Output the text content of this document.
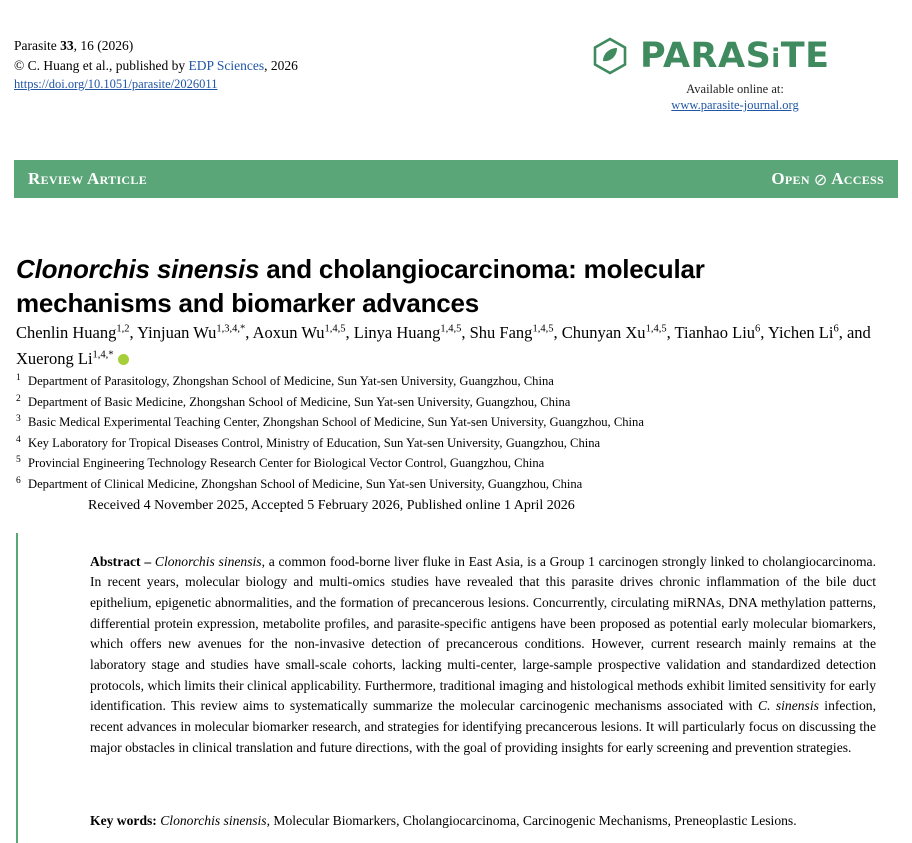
Parasite 33, 16 (2026)
© C. Huang et al., published by EDP Sciences, 2026
https://doi.org/10.1051/parasite/2026011
PARASiTE
Available online at:
www.parasite-journal.org
Review Article	Open ⊘ Access
Clonorchis sinensis and cholangiocarcinoma: molecular mechanisms and biomarker advances
Chenlin Huang$^{1,2}$, Yinjuan $Wu^{1,3,4,*}$, Aoxun Wu$^{1,4,5}$, Linya Huang$^{1,4,5}$, Shu Fang$^{1,4,5}$, Chunyan Xu$^{1,4,5}$, Tianhao Liu$^6$, Yichen Li$^6$, and Xuerong $Li^{1,4,*}$
1 Department of Parasitology, Zhongshan School of Medicine, Sun Yat-sen University, Guangzhou, China
2 Department of Basic Medicine, Zhongshan School of Medicine, Sun Yat-sen University, Guangzhou, China
3 Basic Medical Experimental Teaching Center, Zhongshan School of Medicine, Sun Yat-sen University, Guangzhou, China
4 Key Laboratory for Tropical Diseases Control, Ministry of Education, Sun Yat-sen University, Guangzhou, China
5 Provincial Engineering Technology Research Center for Biological Vector Control, Guangzhou, China
6 Department of Clinical Medicine, Zhongshan School of Medicine, Sun Yat-sen University, Guangzhou, China
Received 4 November 2025, Accepted 5 February 2026, Published online 1 April 2026

Abstract – Clonorchis sinensis, a common food-borne liver fluke in East Asia, is a Group 1 carcinogen strongly linked to cholangiocarcinoma. In recent years, molecular biology and multi-omics studies have revealed that this parasite drives chronic inflammation of the bile duct epithelium, epigenetic abnormalities, and the formation of precancerous lesions. Concurrently, circulating miRNAs, DNA methylation patterns, differential protein expression, metabolite profiles, and parasite-specific antigens have been proposed as potential early molecular biomarkers, which offers new avenues for the non-invasive detection of precancerous conditions. However, current research mainly remains at the laboratory stage and studies have small-scale cohorts, lacking multi-center, large-sample prospective validation and standardized detection protocols, which limits their clinical applicability. Furthermore, traditional imaging and histological methods exhibit limited sensitivity for early identification. This review aims to systematically summarize the molecular carcinogenic mechanisms associated with C. sinensis infection, recent advances in molecular biomarker research, and strategies for identifying precancerous lesions. It will particularly focus on discussing the major obstacles in clinical translation and future directions, with the goal of providing insights for early screening and prevention strategies.

Key words: Clonorchis sinensis, Molecular Biomarkers, Cholangiocarcinoma, Carcinogenic Mechanisms, Preneoplastic Lesions.
